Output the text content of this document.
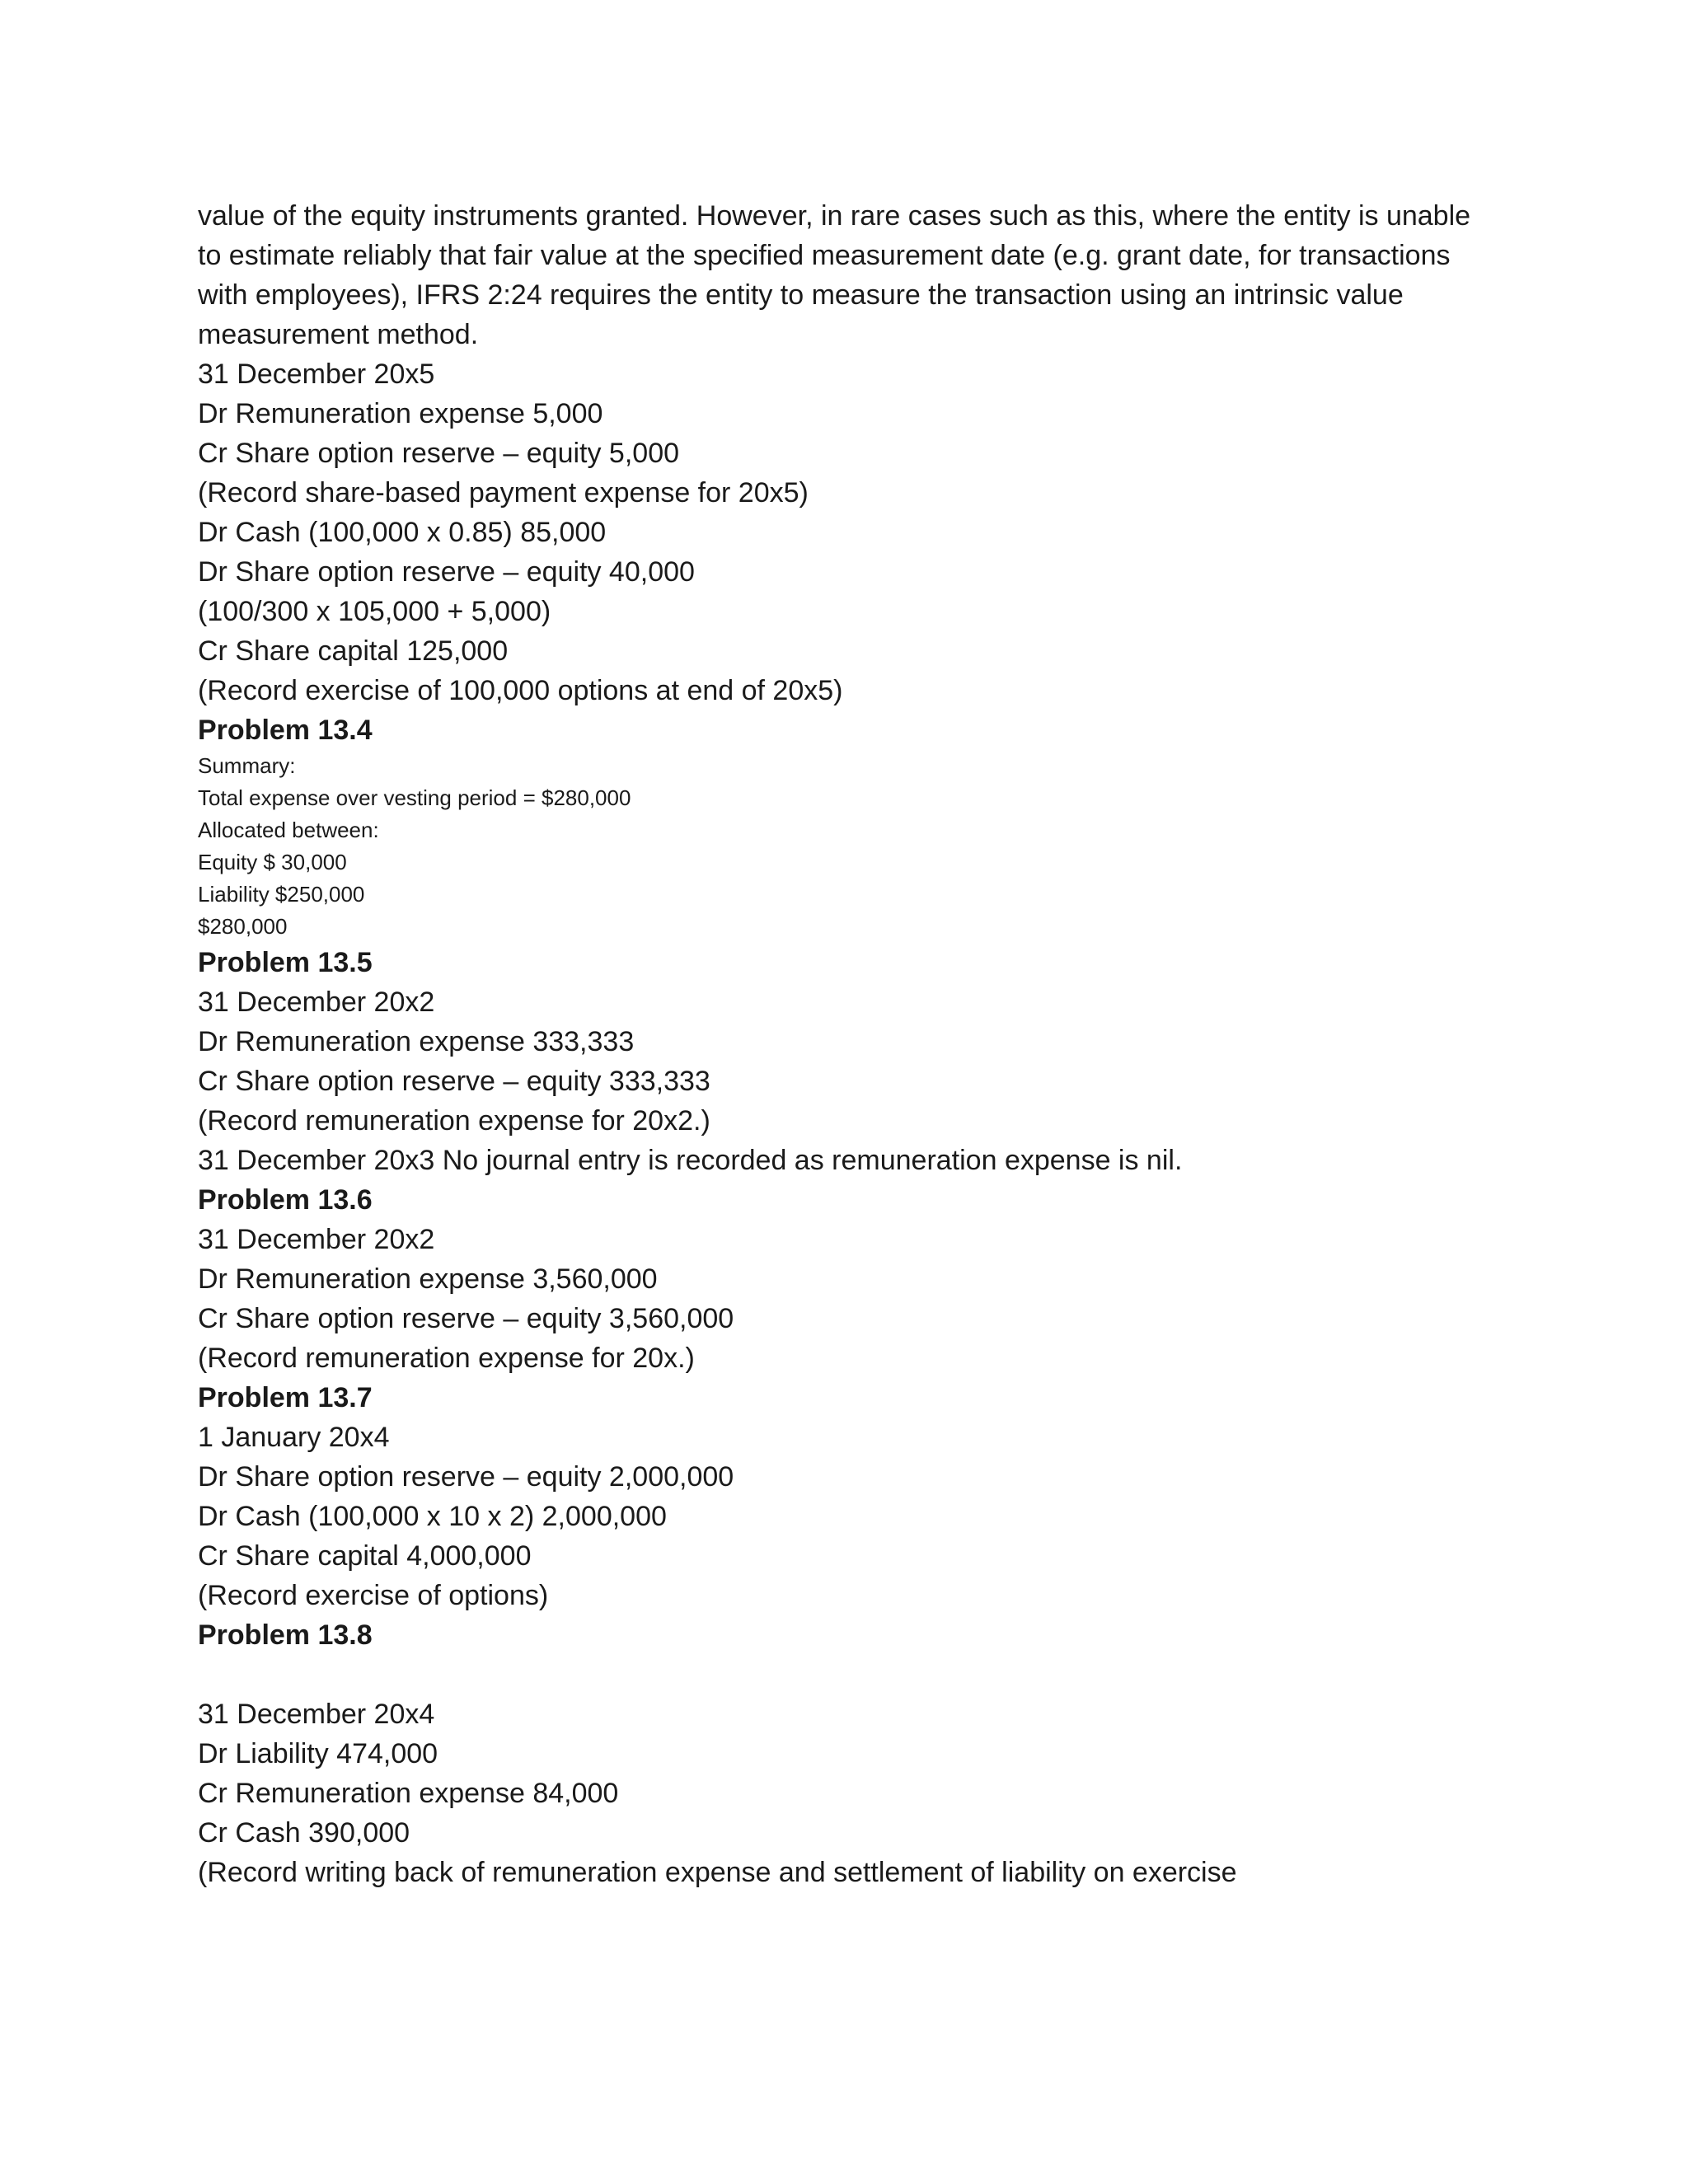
value of the equity instruments granted. However, in rare cases such as this, where the entity is unable
to estimate reliably that fair value at the specified measurement date (e.g. grant date, for transactions
with employees), IFRS 2:24 requires the entity to measure the transaction using an intrinsic value
measurement method.
31 December 20x5
Dr Remuneration expense 5,000
Cr Share option reserve – equity 5,000
(Record share-based payment expense for 20x5)
Dr Cash (100,000 x 0.85) 85,000
Dr Share option reserve – equity 40,000
(100/300 x 105,000 + 5,000)
Cr Share capital 125,000
(Record exercise of 100,000 options at end of 20x5)
Problem 13.4
Summary:
Total expense over vesting period = $280,000
Allocated between:
Equity $ 30,000
Liability $250,000
$280,000
Problem 13.5
31 December 20x2
Dr Remuneration expense 333,333
Cr Share option reserve – equity 333,333
(Record remuneration expense for 20x2.)
31 December 20x3 No journal entry is recorded as remuneration expense is nil.
Problem 13.6
31 December 20x2
Dr Remuneration expense 3,560,000
Cr Share option reserve – equity 3,560,000
(Record remuneration expense for 20x.)
Problem 13.7
1 January 20x4
Dr Share option reserve – equity 2,000,000
Dr Cash (100,000 x 10 x 2) 2,000,000
Cr Share capital 4,000,000
(Record exercise of options)
Problem 13.8
31 December 20x4
Dr Liability 474,000
Cr Remuneration expense 84,000
Cr Cash 390,000
(Record writing back of remuneration expense and settlement of liability on exercise
